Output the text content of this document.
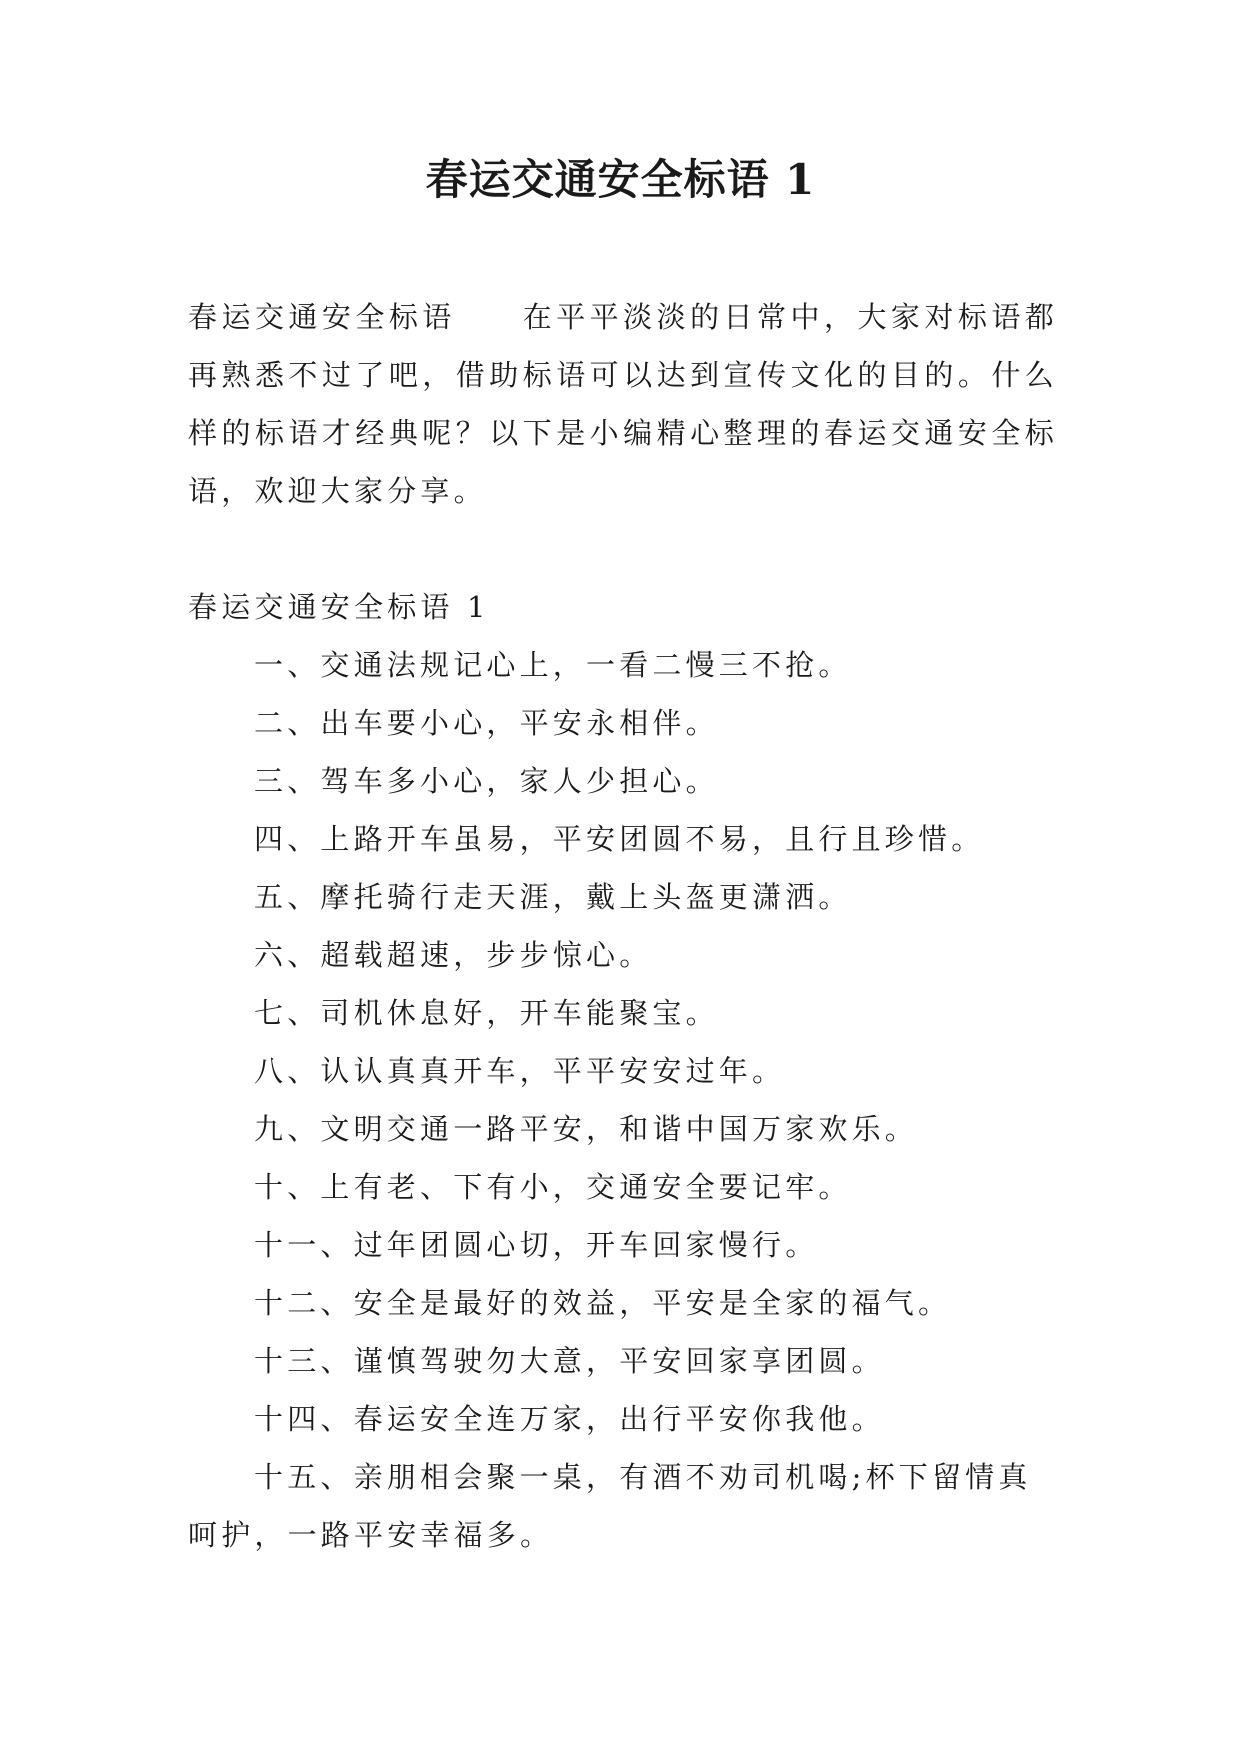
春运交通安全标语 1

春运交通安全标语　　在平平淡淡的日常中，大家对标语都再熟悉不过了吧，借助标语可以达到宣传文化的目的。什么样的标语才经典呢？以下是小编精心整理的春运交通安全标语，欢迎大家分享。

春运交通安全标语 1

一、交通法规记心上，一看二慢三不抢。

二、出车要小心，平安永相伴。

三、驾车多小心，家人少担心。

四、上路开车虽易，平安团圆不易，且行且珍惜。

五、摩托骑行走天涯，戴上头盔更潇洒。

六、超载超速，步步惊心。

七、司机休息好，开车能聚宝。

八、认认真真开车，平平安安过年。

九、文明交通一路平安，和谐中国万家欢乐。

十、上有老、下有小，交通安全要记牢。

十一、过年团圆心切，开车回家慢行。

十二、安全是最好的效益，平安是全家的福气。

十三、谨慎驾驶勿大意，平安回家享团圆。

十四、春运安全连万家，出行平安你我他。

十五、亲朋相会聚一桌，有酒不劝司机喝;杯下留情真呵护，一路平安幸福多。
